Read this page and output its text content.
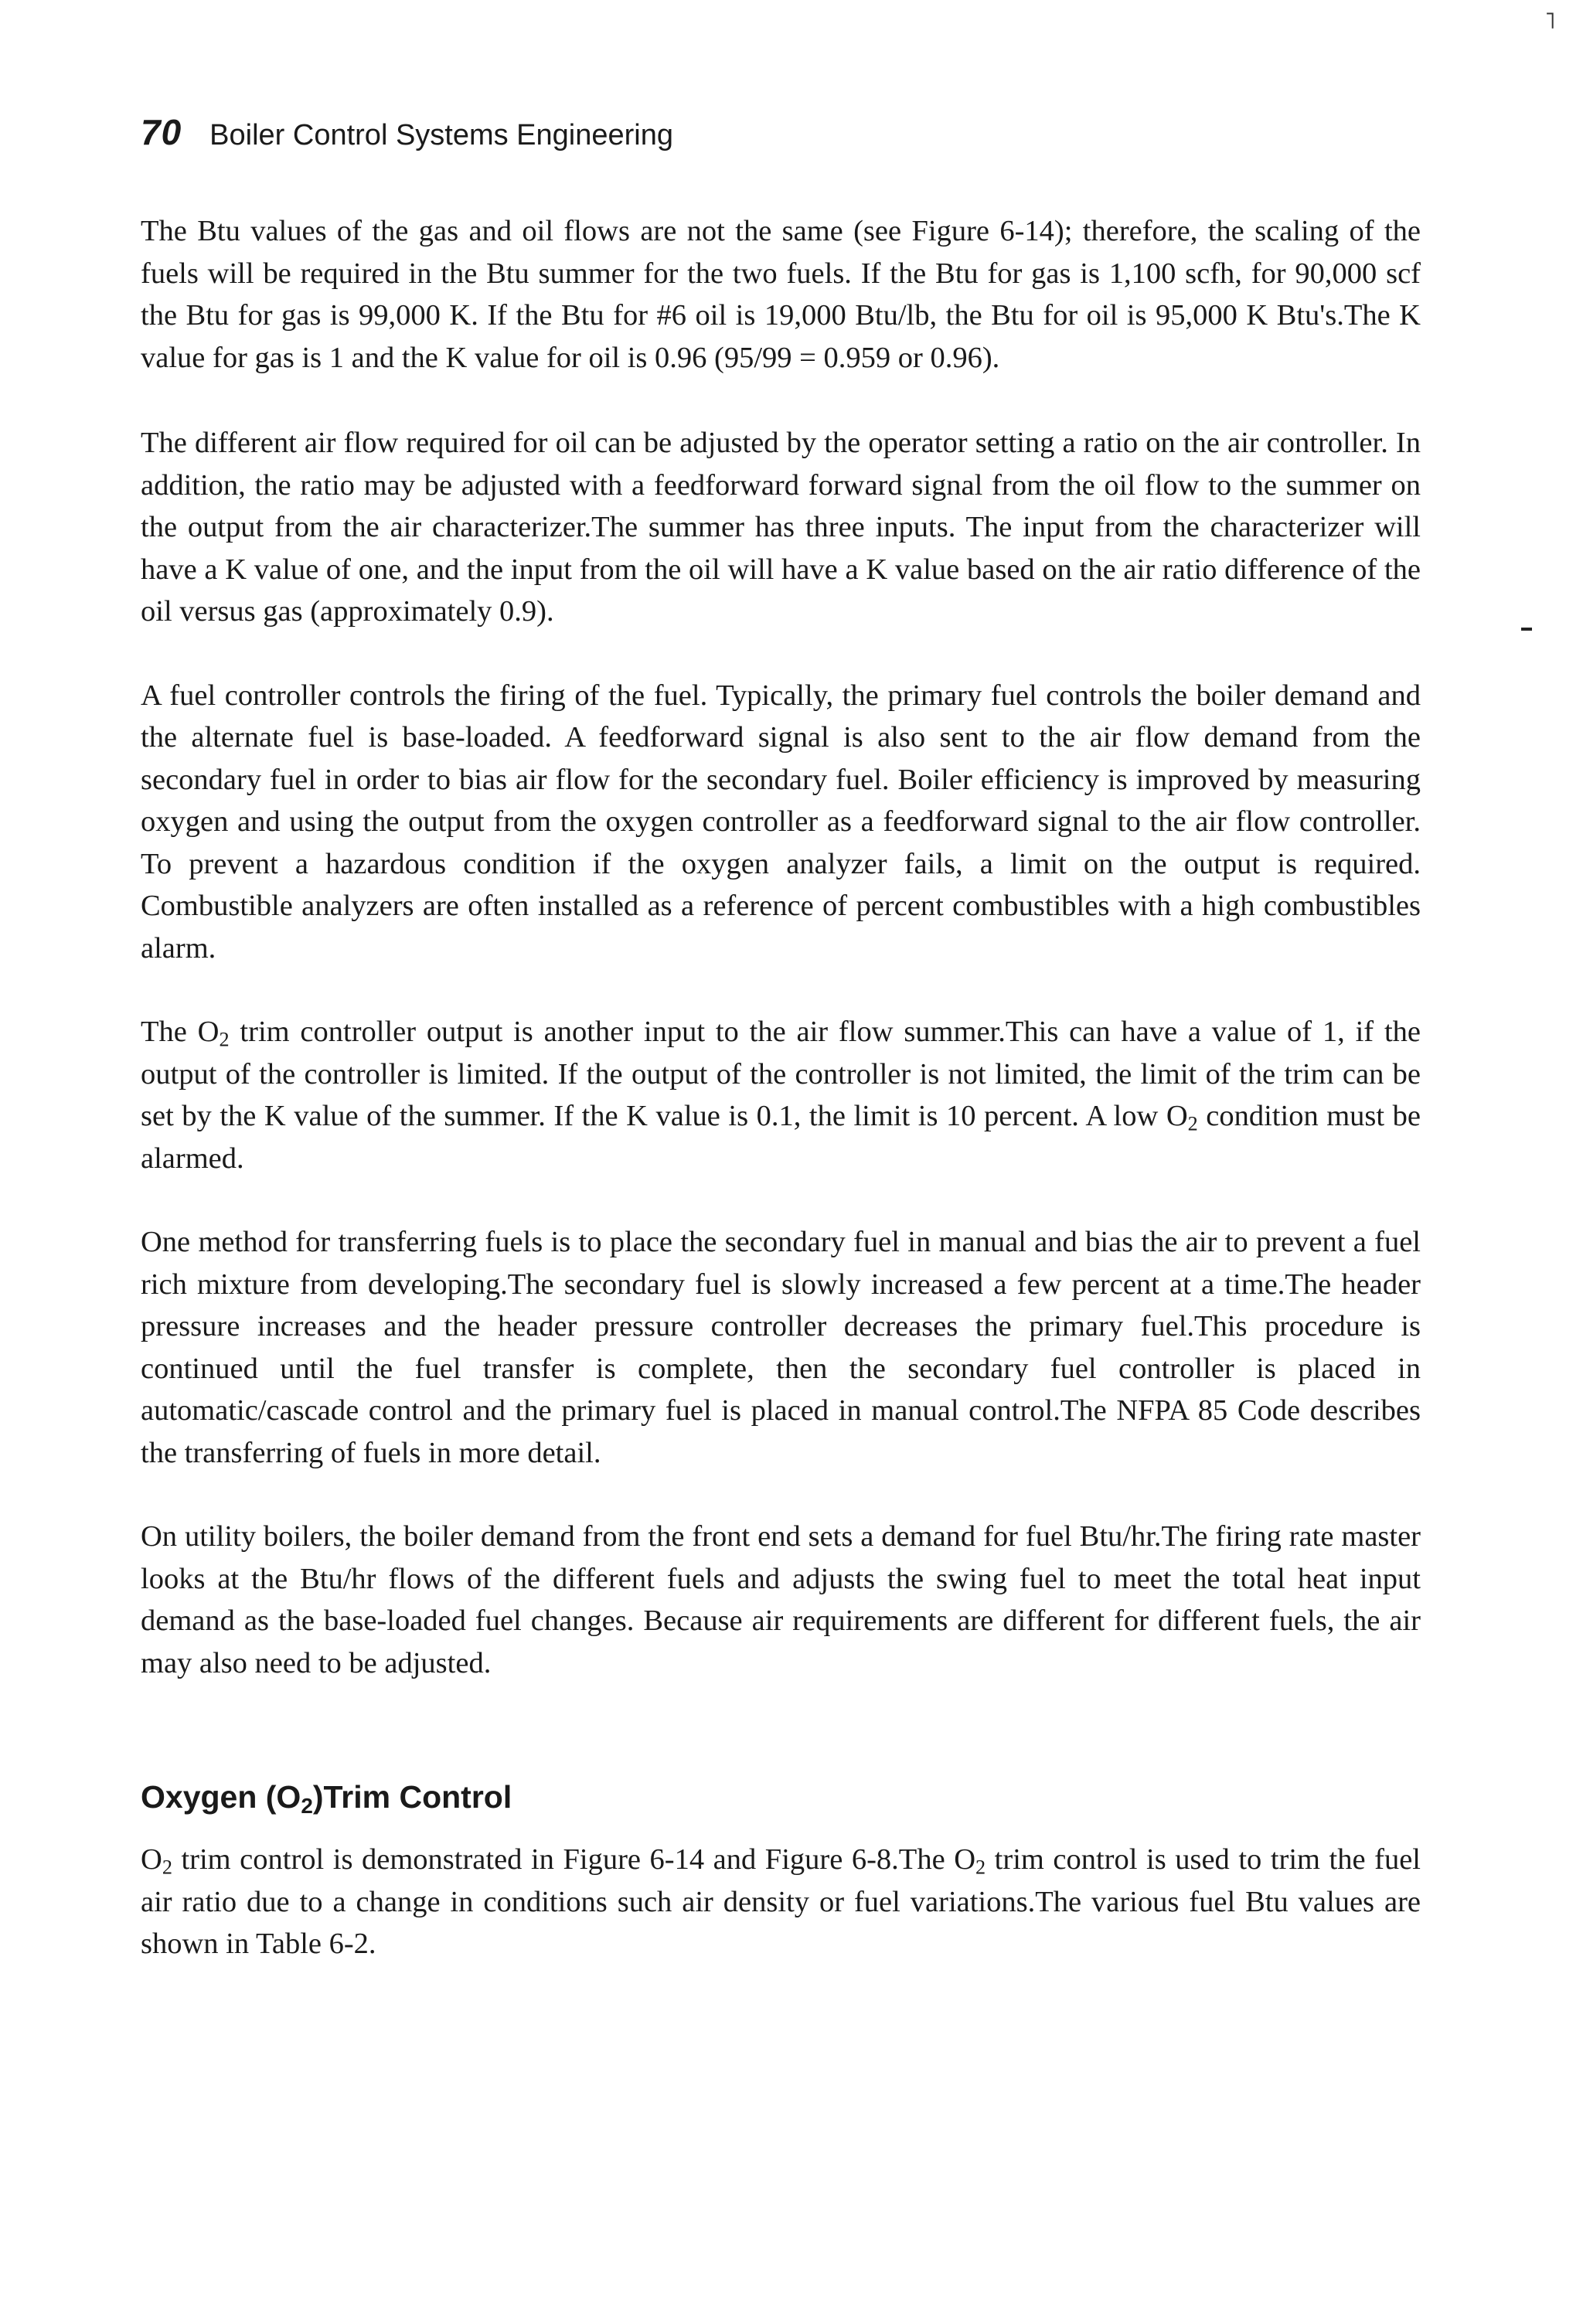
˥
70 Boiler Control Systems Engineering

The Btu values of the gas and oil flows are not the same (see Figure 6-14); therefore, the scaling of the fuels will be required in the Btu summer for the two fuels. If the Btu for gas is 1,100 scfh, for 90,000 scf the Btu for gas is 99,000 K. If the Btu for #6 oil is 19,000 Btu/lb, the Btu for oil is 95,000 K Btu's.The K value for gas is 1 and the K value for oil is 0.96 (95/99 = 0.959 or 0.96).

The different air flow required for oil can be adjusted by the operator setting a ratio on the air controller. In addition, the ratio may be adjusted with a feedforward forward signal from the oil flow to the summer on the output from the air characterizer.The summer has three inputs. The input from the characterizer will have a K value of one, and the input from the oil will have a K value based on the air ratio difference of the oil versus gas (approximately 0.9).

A fuel controller controls the firing of the fuel. Typically, the primary fuel controls the boiler demand and the alternate fuel is base-loaded. A feedforward signal is also sent to the air flow demand from the secondary fuel in order to bias air flow for the secondary fuel. Boiler efficiency is improved by measuring oxygen and using the output from the oxygen controller as a feedforward signal to the air flow controller. To prevent a hazardous condition if the oxygen analyzer fails, a limit on the output is required. Combustible analyzers are often installed as a reference of percent combustibles with a high combustibles alarm.

The $O_2$ trim controller output is another input to the air flow summer.This can have a value of 1, if the output of the controller is limited. If the output of the controller is not limited, the limit of the trim can be set by the K value of the summer. If the K value is 0.1, the limit is 10 percent. A low $O_2$ condition must be alarmed.

One method for transferring fuels is to place the secondary fuel in manual and bias the air to prevent a fuel rich mixture from developing.The secondary fuel is slowly increased a few percent at a time.The header pressure increases and the header pressure controller decreases the primary fuel.This procedure is continued until the fuel transfer is complete, then the secondary fuel controller is placed in automatic/cascade control and the primary fuel is placed in manual control.The NFPA 85 Code describes the transferring of fuels in more detail.

On utility boilers, the boiler demand from the front end sets a demand for fuel Btu/hr.The firing rate master looks at the Btu/hr flows of the different fuels and adjusts the swing fuel to meet the total heat input demand as the base-loaded fuel changes. Because air requirements are different for different fuels, the air may also need to be adjusted.

Oxygen $(O_2)Trim$ Control

$O_2$ trim control is demonstrated in Figure 6-14 and Figure 6-8.The $O_2$ trim control is used to trim the fuel air ratio due to a change in conditions such air density or fuel variations.The various fuel Btu values are shown in Table 6-2.
